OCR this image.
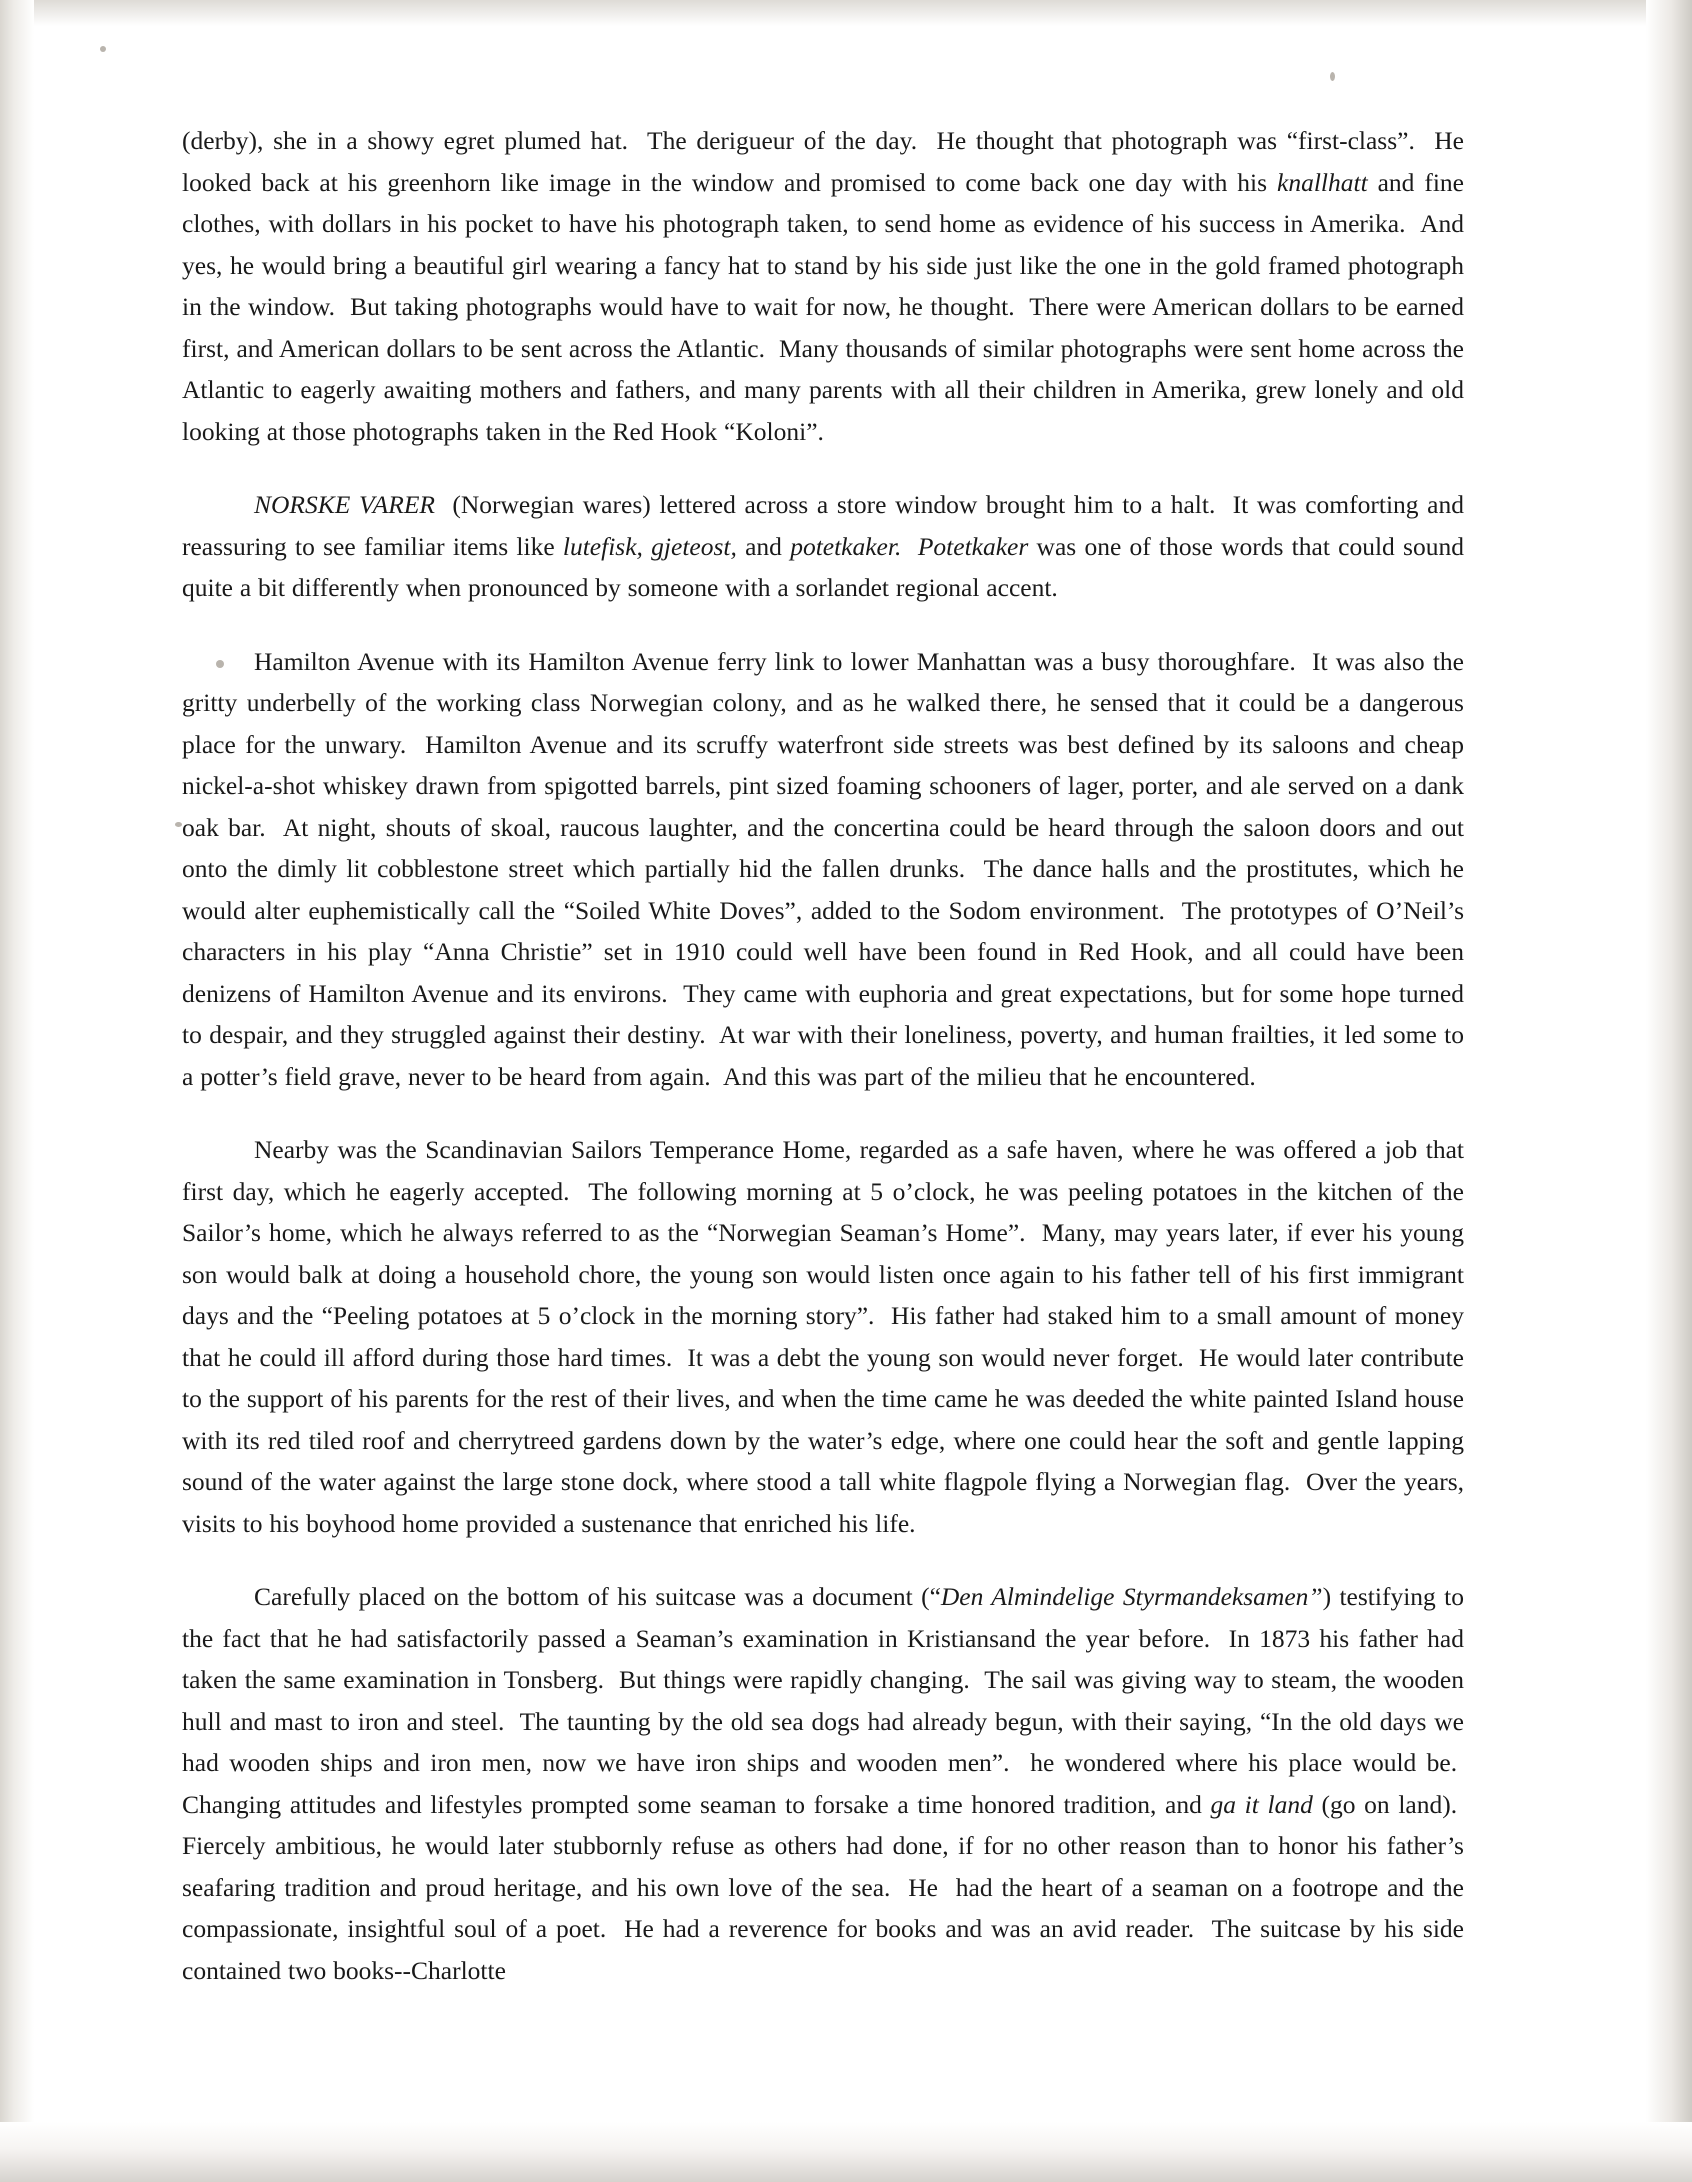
(derby), she in a showy egret plumed hat.  The derigueur of the day.  He thought that photograph was “first-class”.  He looked back at his greenhorn like image in the window and promised to come back one day with his knallhatt and fine clothes, with dollars in his pocket to have his photograph taken, to send home as evidence of his success in Amerika.  And yes, he would bring a beautiful girl wearing a fancy hat to stand by his side just like the one in the gold framed photograph in the window.  But taking photographs would have to wait for now, he thought.  There were American dollars to be earned first, and American dollars to be sent across the Atlantic.  Many thousands of similar photographs were sent home across the Atlantic to eagerly awaiting mothers and fathers, and many parents with all their children in Amerika, grew lonely and old looking at those photographs taken in the Red Hook “Koloni”.

NORSKE VARER  (Norwegian wares) lettered across a store window brought him to a halt.  It was comforting and reassuring to see familiar items like lutefisk, gjeteost, and potetkaker.  Potetkaker was one of those words that could sound quite a bit differently when pronounced by someone with a sorlandet regional accent.

Hamilton Avenue with its Hamilton Avenue ferry link to lower Manhattan was a busy thoroughfare.  It was also the gritty underbelly of the working class Norwegian colony, and as he walked there, he sensed that it could be a dangerous place for the unwary.  Hamilton Avenue and its scruffy waterfront side streets was best defined by its saloons and cheap nickel-a-shot whiskey drawn from spigotted barrels, pint sized foaming schooners of lager, porter, and ale served on a dank oak bar.  At night, shouts of skoal, raucous laughter, and the concertina could be heard through the saloon doors and out onto the dimly lit cobblestone street which partially hid the fallen drunks.  The dance halls and the prostitutes, which he would alter euphemistically call the “Soiled White Doves”, added to the Sodom environment.  The prototypes of O’Neil’s characters in his play “Anna Christie” set in 1910 could well have been found in Red Hook, and all could have been denizens of Hamilton Avenue and its environs.  They came with euphoria and great expectations, but for some hope turned to despair, and they struggled against their destiny.  At war with their loneliness, poverty, and human frailties, it led some to a potter’s field grave, never to be heard from again.  And this was part of the milieu that he encountered.

Nearby was the Scandinavian Sailors Temperance Home, regarded as a safe haven, where he was offered a job that first day, which he eagerly accepted.  The following morning at 5 o’clock, he was peeling potatoes in the kitchen of the Sailor’s home, which he always referred to as the “Norwegian Seaman’s Home”.  Many, may years later, if ever his young son would balk at doing a household chore, the young son would listen once again to his father tell of his first immigrant days and the “Peeling potatoes at 5 o’clock in the morning story”.  His father had staked him to a small amount of money that he could ill afford during those hard times.  It was a debt the young son would never forget.  He would later contribute to the support of his parents for the rest of their lives, and when the time came he was deeded the white painted Island house with its red tiled roof and cherrytreed gardens down by the water’s edge, where one could hear the soft and gentle lapping sound of the water against the large stone dock, where stood a tall white flagpole flying a Norwegian flag.  Over the years, visits to his boyhood home provided a sustenance that enriched his life.

Carefully placed on the bottom of his suitcase was a document (“Den Almindelige Styrmandeksamen”) testifying to the fact that he had satisfactorily passed a Seaman’s examination in Kristiansand the year before.  In 1873 his father had taken the same examination in Tonsberg.  But things were rapidly changing.  The sail was giving way to steam, the wooden hull and mast to iron and steel.  The taunting by the old sea dogs had already begun, with their saying, “In the old days we had wooden ships and iron men, now we have iron ships and wooden men”.  he wondered where his place would be.  Changing attitudes and lifestyles prompted some seaman to forsake a time honored tradition, and ga it land (go on land).  Fiercely ambitious, he would later stubbornly refuse as others had done, if for no other reason than to honor his father’s seafaring tradition and proud heritage, and his own love of the sea.  He  had the heart of a seaman on a footrope and the compassionate, insightful soul of a poet.  He had a reverence for books and was an avid reader.  The suitcase by his side contained two books--Charlotte
